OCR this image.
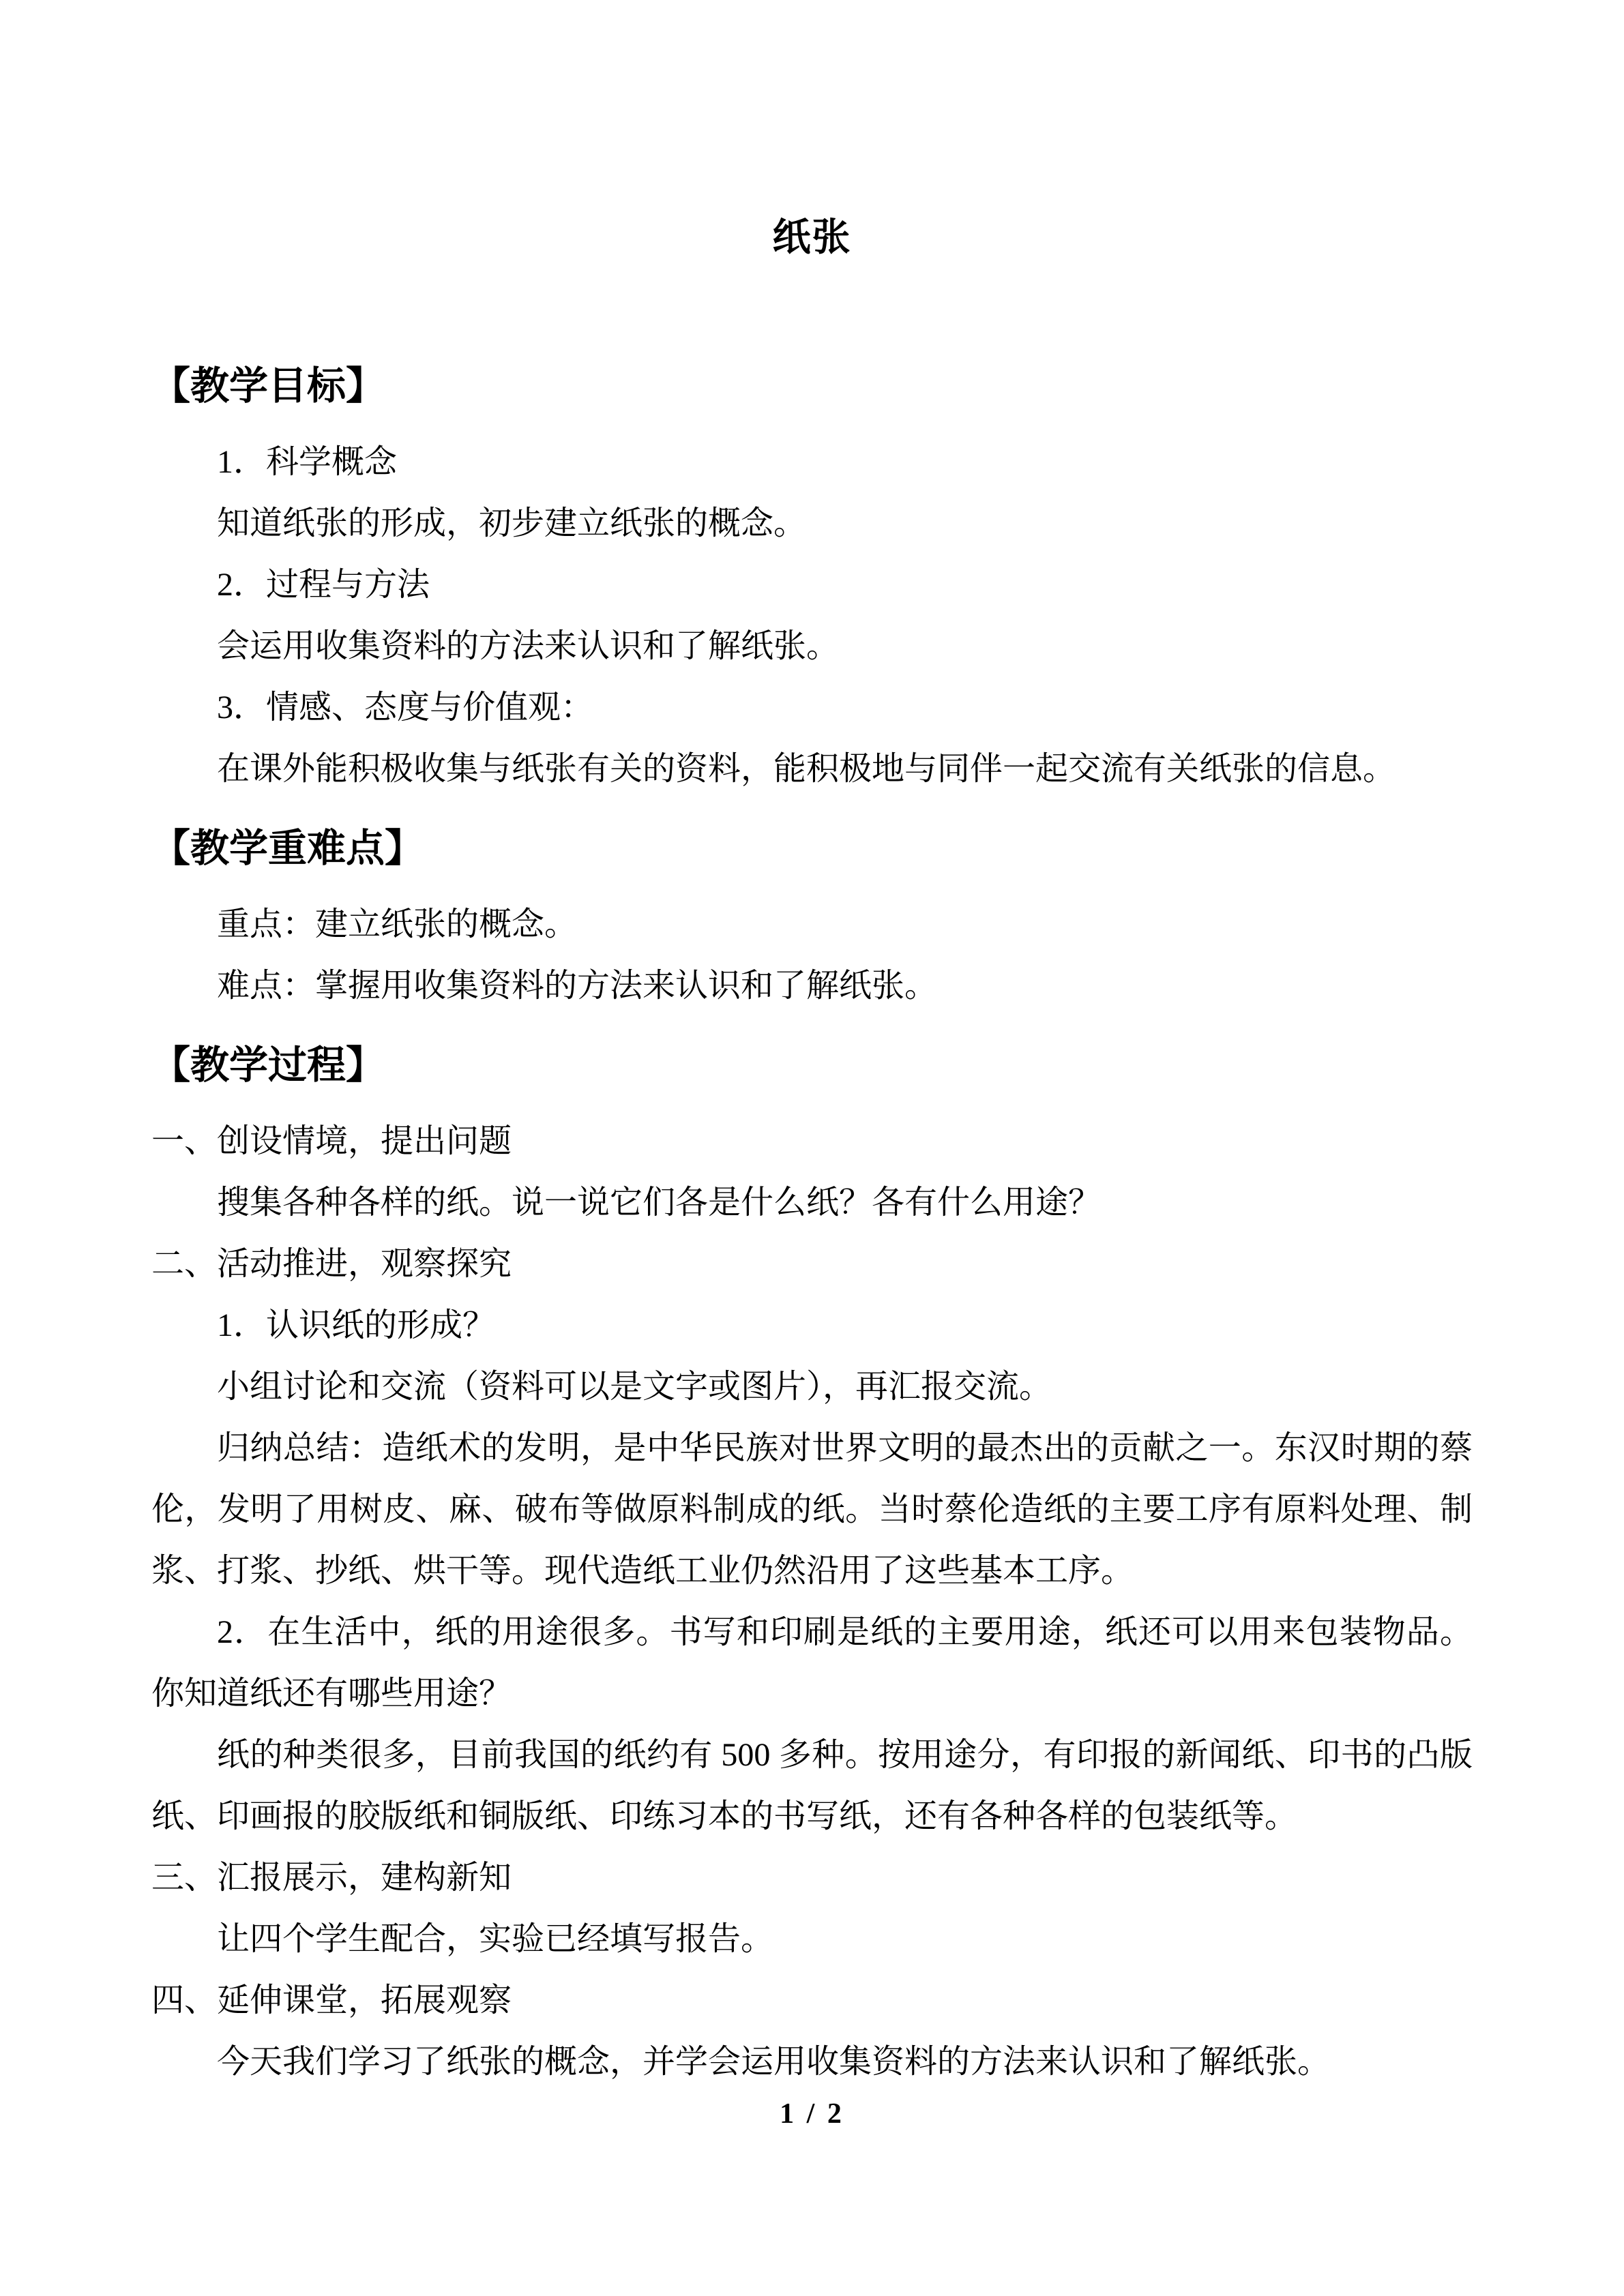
纸张
【教学目标】
1．科学概念
知道纸张的形成，初步建立纸张的概念。
2．过程与方法
会运用收集资料的方法来认识和了解纸张。
3．情感、态度与价值观：
在课外能积极收集与纸张有关的资料，能积极地与同伴一起交流有关纸张的信息。
【教学重难点】
重点：建立纸张的概念。
难点：掌握用收集资料的方法来认识和了解纸张。
【教学过程】
一、创设情境，提出问题
搜集各种各样的纸。说一说它们各是什么纸？各有什么用途？
二、活动推进，观察探究
1．认识纸的形成？
小组讨论和交流（资料可以是文字或图片），再汇报交流。
归纳总结：造纸术的发明，是中华民族对世界文明的最杰出的贡献之一。东汉时期的蔡伦，发明了用树皮、麻、破布等做原料制成的纸。当时蔡伦造纸的主要工序有原料处理、制浆、打浆、抄纸、烘干等。现代造纸工业仍然沿用了这些基本工序。
2．在生活中，纸的用途很多。书写和印刷是纸的主要用途，纸还可以用来包装物品。你知道纸还有哪些用途？
纸的种类很多，目前我国的纸约有 500 多种。按用途分，有印报的新闻纸、印书的凸版纸、印画报的胶版纸和铜版纸、印练习本的书写纸，还有各种各样的包装纸等。
三、汇报展示，建构新知
让四个学生配合，实验已经填写报告。
四、延伸课堂，拓展观察
今天我们学习了纸张的概念，并学会运用收集资料的方法来认识和了解纸张。
1 / 2
